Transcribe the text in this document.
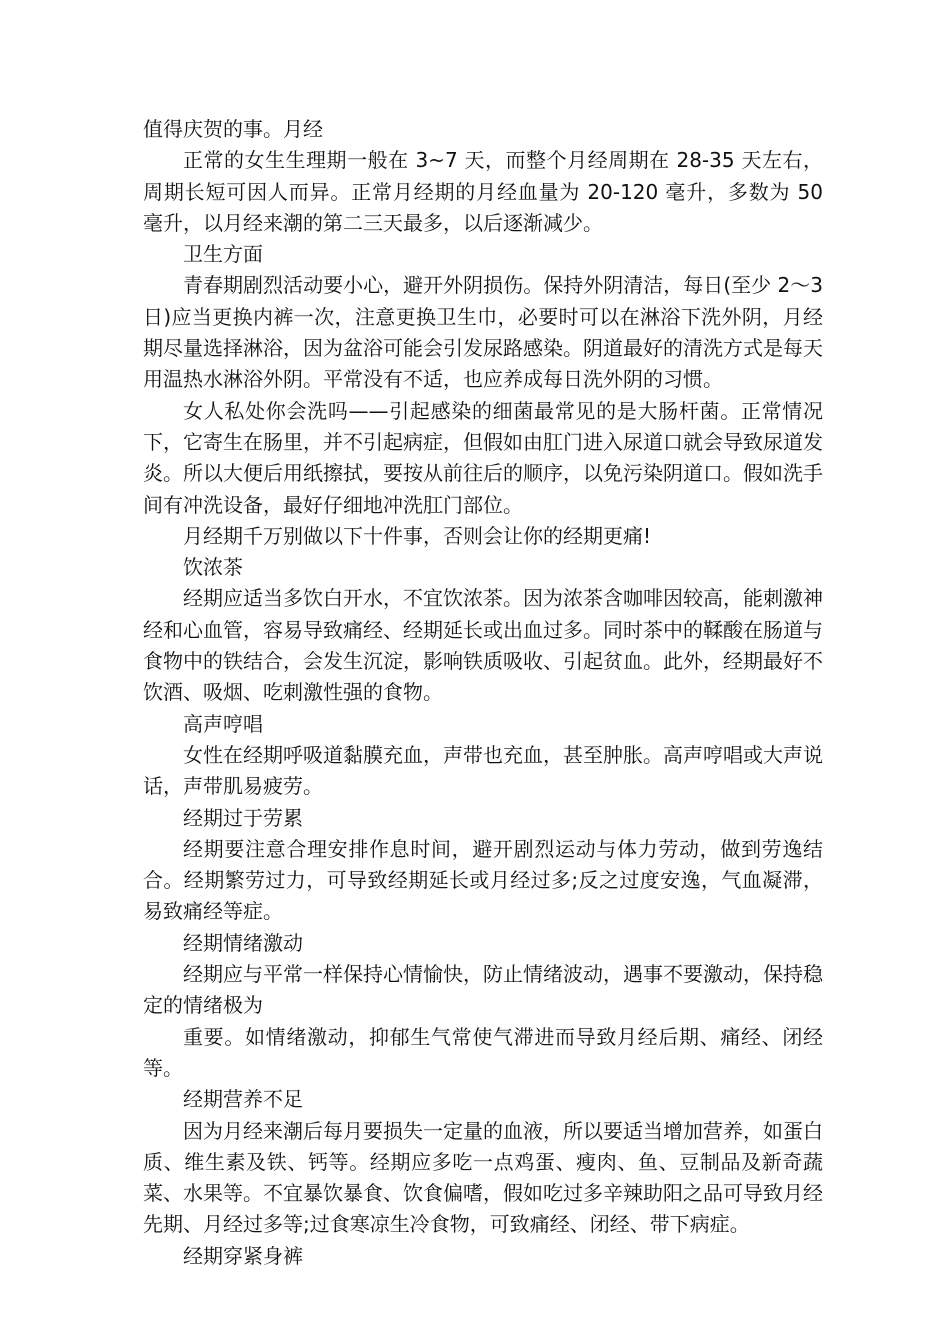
值得庆贺的事。月经

正常的女生生理期一般在 3~7 天，而整个月经周期在 28-35 天左右，周期长短可因人而异。正常月经期的月经血量为 20-120 毫升，多数为 50 毫升，以月经来潮的第二三天最多，以后逐渐减少。

卫生方面

青春期剧烈活动要小心，避开外阴损伤。保持外阴清洁，每日(至少 2～3 日)应当更换内裤一次，注意更换卫生巾，必要时可以在淋浴下洗外阴，月经期尽量选择淋浴，因为盆浴可能会引发尿路感染。阴道最好的清洗方式是每天用温热水淋浴外阴。平常没有不适，也应养成每日洗外阴的习惯。

女人私处你会洗吗——引起感染的细菌最常见的是大肠杆菌。正常情况下，它寄生在肠里，并不引起病症，但假如由肛门进入尿道口就会导致尿道发炎。所以大便后用纸擦拭，要按从前往后的顺序，以免污染阴道口。假如洗手间有冲洗设备，最好仔细地冲洗肛门部位。

月经期千万别做以下十件事，否则会让你的经期更痛!

饮浓茶

经期应适当多饮白开水，不宜饮浓茶。因为浓茶含咖啡因较高，能刺激神经和心血管，容易导致痛经、经期延长或出血过多。同时茶中的鞣酸在肠道与食物中的铁结合，会发生沉淀，影响铁质吸收、引起贫血。此外，经期最好不饮酒、吸烟、吃刺激性强的食物。

高声哼唱

女性在经期呼吸道黏膜充血，声带也充血，甚至肿胀。高声哼唱或大声说话，声带肌易疲劳。

经期过于劳累

经期要注意合理安排作息时间，避开剧烈运动与体力劳动，做到劳逸结合。经期繁劳过力，可导致经期延长或月经过多;反之过度安逸，气血凝滞，易致痛经等症。

经期情绪激动

经期应与平常一样保持心情愉快，防止情绪波动，遇事不要激动，保持稳定的情绪极为

重要。如情绪激动，抑郁生气常使气滞进而导致月经后期、痛经、闭经等。

经期营养不足

因为月经来潮后每月要损失一定量的血液，所以要适当增加营养，如蛋白质、维生素及铁、钙等。经期应多吃一点鸡蛋、瘦肉、鱼、豆制品及新奇蔬菜、水果等。不宜暴饮暴食、饮食偏嗜，假如吃过多辛辣助阳之品可导致月经先期、月经过多等;过食寒凉生冷食物，可致痛经、闭经、带下病症。

经期穿紧身裤
